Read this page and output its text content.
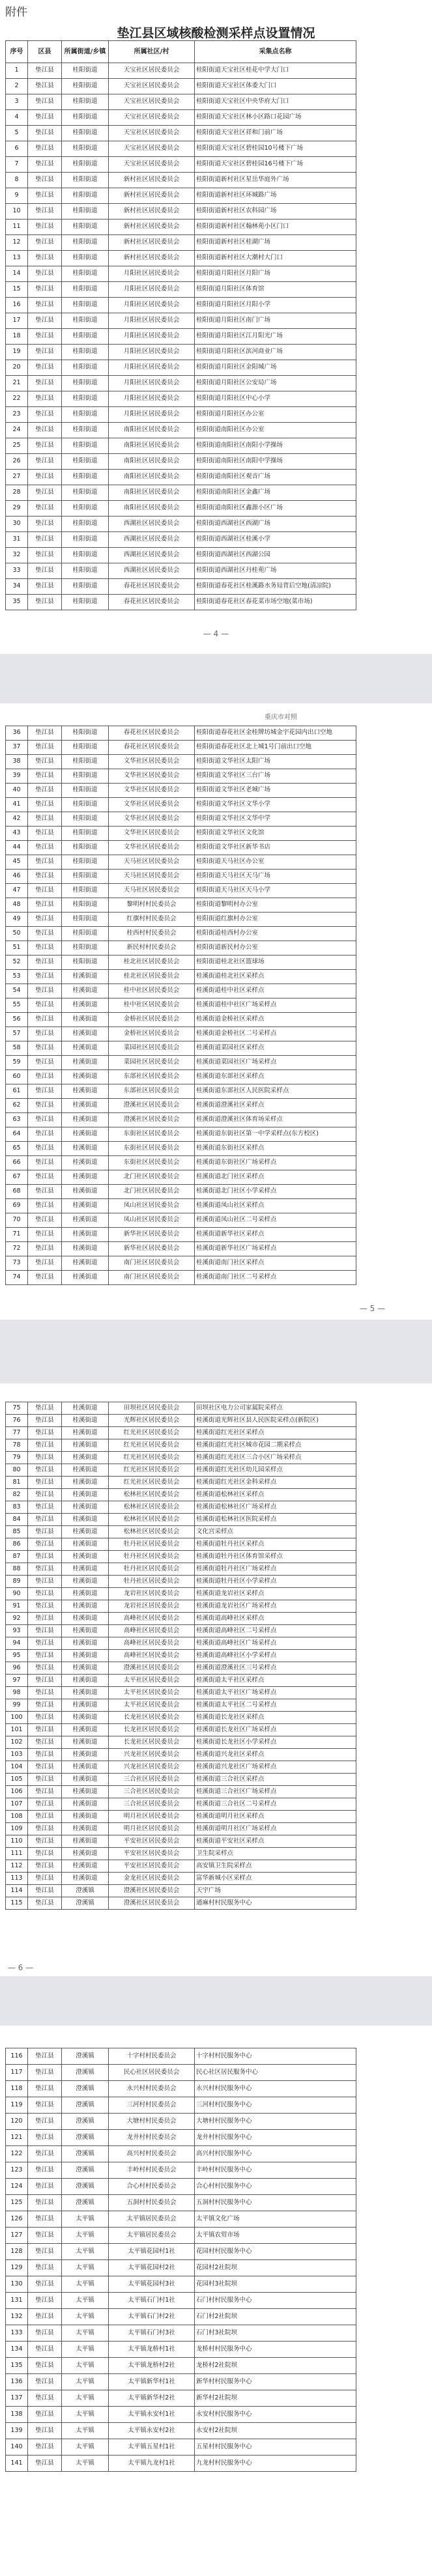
附件
垫江县区域核酸检测采样点设置情况
序号	区县	所属街道/乡镇	所属社区/村	采集点名称
1	垫江县	桂阳街道	天宝社区居民委员会	桂阳街道天宝社区桂花中学大门口
2	垫江县	桂阳街道	天宝社区居民委员会	桂阳街道天宝社区体委大门口
3	垫江县	桂阳街道	天宝社区居民委员会	桂阳街道天宝社区中央华府大门口
4	垫江县	桂阳街道	天宝社区居民委员会	桂阳街道天宝社区林小区路口花园广场
5	垫江县	桂阳街道	天宝社区居民委员会	桂阳街道天宝社区祥和门前广场
6	垫江县	桂阳街道	天宝社区居民委员会	桂阳街道天宝社区碧桂园10号楼下广场
7	垫江县	桂阳街道	天宝社区居民委员会	桂阳街道天宝社区碧桂园16号楼下广场
8	垫江县	桂阳街道	新村社区居民委员会	桂阳街道新村社区星岳华庭外广场
9	垫江县	桂阳街道	新村社区居民委员会	桂阳街道新村社区环城路广场
10	垫江县	桂阳街道	新村社区居民委员会	桂阳街道新村社区农科园广场
11	垫江县	桂阳街道	新村社区居民委员会	桂阳街道新村社区翰林苑小区门口
12	垫江县	桂阳街道	新村社区居民委员会	桂阳街道新村社区桂湖广场
13	垫江县	桂阳街道	新村社区居民委员会	桂阳街道新村社区大潮村大门口
14	垫江县	桂阳街道	月阳社区居民委员会	桂阳街道月阳社区月阳广场
15	垫江县	桂阳街道	月阳社区居民委员会	桂阳街道月阳社区体育馆
16	垫江县	桂阳街道	月阳社区居民委员会	桂阳街道月阳社区月阳小学
17	垫江县	桂阳街道	月阳社区居民委员会	桂阳街道月阳社区南门广场
18	垫江县	桂阳街道	月阳社区居民委员会	桂阳街道月阳社区江月阳光广场
19	垫江县	桂阳街道	月阳社区居民委员会	桂阳街道月阳社区滨河商业广场
20	垫江县	桂阳街道	月阳社区居民委员会	桂阳街道月阳社区金阳城广场
21	垫江县	桂阳街道	月阳社区居民委员会	桂阳街道月阳社区公安局广场
22	垫江县	桂阳街道	月阳社区居民委员会	桂阳街道月阳社区中心小学
23	垫江县	桂阳街道	月阳社区居民委员会	桂阳街道月阳社区办公室
24	垫江县	桂阳街道	南阳社区居民委员会	桂阳街道南阳社区办公室
25	垫江县	桂阳街道	南阳社区居民委员会	桂阳街道南阳社区南阳小学操场
26	垫江县	桂阳街道	南阳社区居民委员会	桂阳街道南阳社区南阳中学操场
27	垫江县	桂阳街道	南阳社区居民委员会	桂阳街道南阳社区观音广场
28	垫江县	桂阳街道	南阳社区居民委员会	桂阳街道南阳社区金鑫广场
29	垫江县	桂阳街道	南阳社区居民委员会	桂阳街道南阳社区鑫源小区广场
30	垫江县	桂阳街道	西湖社区居民委员会	桂阳街道西湖社区西湖广场
31	垫江县	桂阳街道	西湖社区居民委员会	桂阳街道西湖社区桂溪小学
32	垫江县	桂阳街道	西湖社区居民委员会	桂阳街道西湖社区西湖公园
33	垫江县	桂阳街道	西湖社区居民委员会	桂阳街道西湖社区丹桂苑广场
34	垫江县	桂阳街道	春花社区居民委员会	桂阳街道春花社区桂溪路水务局背后空地(清凉院)
35	垫江县	桂阳街道	春花社区居民委员会	桂阳街道春花社区春花菜市场空地(菜市场)
— 4 —
重庆市对照
36	垫江县	桂阳街道	春花社区居民委员会	桂阳街道春花社区金桂牌坊城金宇花园内出口空地
37	垫江县	桂阳街道	春花社区居民委员会	桂阳街道春花社区北上城1号门前出口空地
38	垫江县	桂阳街道	文华社区居民委员会	桂阳街道文华社区太阳广场
39	垫江县	桂阳街道	文华社区居民委员会	桂阳街道文华社区三台广场
40	垫江县	桂阳街道	文华社区居民委员会	桂阳街道文华社区老城广场
41	垫江县	桂阳街道	文华社区居民委员会	桂阳街道文华社区文华小学
42	垫江县	桂阳街道	文华社区居民委员会	桂阳街道文华社区文华中学
43	垫江县	桂阳街道	文华社区居民委员会	桂阳街道文华社区文化馆
44	垫江县	桂阳街道	文华社区居民委员会	桂阳街道文华社区新华书店
45	垫江县	桂阳街道	天马社区居民委员会	桂阳街道天马社区办公室
46	垫江县	桂阳街道	天马社区居民委员会	桂阳街道天马社区天马广场
47	垫江县	桂阳街道	天马社区居民委员会	桂阳街道天马社区天马小学
48	垫江县	桂阳街道	黎明村村民委员会	桂阳街道黎明村办公室
49	垫江县	桂阳街道	红旗村村民委员会	桂阳街道红旗村办公室
50	垫江县	桂阳街道	桂西村村民委员会	桂阳街道桂西村办公室
51	垫江县	桂阳街道	新民村村民委员会	桂阳街道新民村办公室
52	垫江县	桂阳街道	桂北社区居民委员会	桂阳街道桂北社区篮球场
53	垫江县	桂溪街道	桂北社区居民委员会	桂溪街道桂北社区采样点
54	垫江县	桂溪街道	桂中社区居民委员会	桂溪街道桂中社区采样点
55	垫江县	桂溪街道	桂中社区居民委员会	桂溪街道桂中社区广场采样点
56	垫江县	桂溪街道	金桥社区居民委员会	桂溪街道金桥社区采样点
57	垫江县	桂溪街道	金桥社区居民委员会	桂溪街道金桥社区二号采样点
58	垫江县	桂溪街道	菜园社区居民委员会	桂溪街道菜园社区采样点
59	垫江县	桂溪街道	菜园社区居民委员会	桂溪街道菜园社区广场采样点
60	垫江县	桂溪街道	东部社区居民委员会	桂溪街道东部社区采样点
61	垫江县	桂溪街道	东部社区居民委员会	桂溪街道东部社区人民医院采样点
62	垫江县	桂溪街道	澄溪社区居民委员会	桂溪街道澄溪社区采样点
63	垫江县	桂溪街道	澄溪社区居民委员会	桂溪街道澄溪社区体育场采样点
64	垫江县	桂溪街道	东街社区居民委员会	桂溪街道东街社区第一中学采样点(东方校区)
65	垫江县	桂溪街道	东街社区居民委员会	桂溪街道东街社区采样点
66	垫江县	桂溪街道	东街社区居民委员会	桂溪街道东街社区广场采样点
67	垫江县	桂溪街道	北门社区居民委员会	桂溪街道北门社区采样点
68	垫江县	桂溪街道	北门社区居民委员会	桂溪街道北门社区小学采样点
69	垫江县	桂溪街道	凤山社区居民委员会	桂溪街道凤山社区采样点
70	垫江县	桂溪街道	凤山社区居民委员会	桂溪街道凤山社区二号采样点
71	垫江县	桂溪街道	新华社区居民委员会	桂溪街道新华社区采样点
72	垫江县	桂溪街道	新华社区居民委员会	桂溪街道新华社区广场采样点
73	垫江县	桂溪街道	南门社区居民委员会	桂溪街道南门社区采样点
74	垫江县	桂溪街道	南门社区居民委员会	桂溪街道南门社区二号采样点
— 5 —
75	垫江县	桂溪街道	田坝社区居民委员会	田坝社区电力公司家属院采样点
76	垫江县	桂溪街道	光辉社区居民委员会	桂溪街道光辉社区县人民医院采样点(新院区)
77	垫江县	桂溪街道	红光社区居民委员会	桂溪街道红光社区采样点
78	垫江县	桂溪街道	红光社区居民委员会	桂溪街道红光社区城市花园二期采样点
79	垫江县	桂溪街道	红光社区居民委员会	桂溪街道红光社区三合小区广场采样点
80	垫江县	桂溪街道	红光社区居民委员会	桂溪街道红光社区幼儿园采样点
81	垫江县	桂溪街道	红光社区居民委员会	桂溪街道红光社区金科采样点
82	垫江县	桂溪街道	松林社区居民委员会	桂溪街道松林社区采样点
83	垫江县	桂溪街道	松林社区居民委员会	桂溪街道松林社区广场采样点
84	垫江县	桂溪街道	松林社区居民委员会	桂溪街道松林社区医院采样点
85	垫江县	桂溪街道	松林社区居民委员会	文化宫采样点
86	垫江县	桂溪街道	牡丹社区居民委员会	桂溪街道牡丹社区采样点
87	垫江县	桂溪街道	牡丹社区居民委员会	桂溪街道牡丹社区体育馆采样点
88	垫江县	桂溪街道	牡丹社区居民委员会	桂溪街道牡丹社区广场采样点
89	垫江县	桂溪街道	牡丹社区居民委员会	桂溪街道牡丹社区小学采样点
90	垫江县	桂溪街道	龙岩社区居民委员会	桂溪街道龙岩社区采样点
91	垫江县	桂溪街道	龙岩社区居民委员会	桂溪街道龙岩社区广场采样点
92	垫江县	桂溪街道	高峰社区居民委员会	桂溪街道高峰社区采样点
93	垫江县	桂溪街道	高峰社区居民委员会	桂溪街道高峰社区二号采样点
94	垫江县	桂溪街道	高峰社区居民委员会	桂溪街道高峰社区广场采样点
95	垫江县	桂溪街道	高峰社区居民委员会	桂溪街道高峰社区小学采样点
96	垫江县	桂溪街道	澄溪社区居民委员会	桂溪街道澄溪社区三号采样点
97	垫江县	桂溪街道	太平社区居民委员会	桂溪街道太平社区采样点
98	垫江县	桂溪街道	太平社区居民委员会	桂溪街道太平社区广场采样点
99	垫江县	桂溪街道	太平社区居民委员会	桂溪街道太平社区二号采样点
100	垫江县	桂溪街道	长龙社区居民委员会	桂溪街道长龙社区采样点
101	垫江县	桂溪街道	长龙社区居民委员会	桂溪街道长龙社区广场采样点
102	垫江县	桂溪街道	长龙社区居民委员会	桂溪街道长龙社区小学采样点
103	垫江县	桂溪街道	兴龙社区居民委员会	桂溪街道兴龙社区采样点
104	垫江县	桂溪街道	兴龙社区居民委员会	桂溪街道兴龙社区广场采样点
105	垫江县	桂溪街道	三合社区居民委员会	桂溪街道三合社区采样点
106	垫江县	桂溪街道	三合社区居民委员会	桂溪街道三合社区广场采样点
107	垫江县	桂溪街道	三合社区居民委员会	桂溪街道三合社区二号采样点
108	垫江县	桂溪街道	明月社区居民委员会	桂溪街道明月社区采样点
109	垫江县	桂溪街道	明月社区居民委员会	桂溪街道明月社区广场采样点
110	垫江县	桂溪街道	平安社区居民委员会	桂溪街道平安社区采样点
111	垫江县	桂溪街道	平安社区居民委员会	卫生院采样点
112	垫江县	桂溪街道	平安社区居民委员会	高安镇卫生院采样点
113	垫江县	桂溪街道	金龙社区居民委员会	富华新城小区采样点
114	垫江县	澄溪镇	澄溪社区居民委员会	天宇广场
115	垫江县	澄溪镇	澄溪社区居民委员会	通麻村村民服务中心
— 6 —
116	垫江县	澄溪镇	十字村村民委员会	十字村村民服务中心
117	垫江县	澄溪镇	民心社区居民委员会	民心社区居民服务中心
118	垫江县	澄溪镇	永兴村村民委员会	永兴村村民服务中心
119	垫江县	澄溪镇	三河村村民委员会	三河村村民服务中心
120	垫江县	澄溪镇	大塘村村民委员会	大塘村村民服务中心
121	垫江县	澄溪镇	龙井村村民委员会	龙井村村民服务中心
122	垫江县	澄溪镇	高兴村村民委员会	高兴村村民服务中心
123	垫江县	澄溪镇	丰岭村村民委员会	丰岭村村民服务中心
124	垫江县	澄溪镇	合心村村民委员会	合心村村民服务中心
125	垫江县	澄溪镇	五洞村村民委员会	五洞村村民服务中心
126	垫江县	太平镇	太平镇居民委员会	太平镇文化广场
127	垫江县	太平镇	太平镇居民委员会	太平镇农贸市场
128	垫江县	太平镇	太平镇花园村1社	花园村村民服务中心
129	垫江县	太平镇	太平镇花园村2社	花园村2社院坝
130	垫江县	太平镇	太平镇花园村3社	花园村3社院坝
131	垫江县	太平镇	太平镇石门村1社	石门村村民服务中心
132	垫江县	太平镇	太平镇石门村2社	石门村2社院坝
133	垫江县	太平镇	太平镇石门村3社	石门村3社院坝
134	垫江县	太平镇	太平镇龙桥村1社	龙桥村村民服务中心
135	垫江县	太平镇	太平镇龙桥村2社	龙桥村2社院坝
136	垫江县	太平镇	太平镇新华村1社	新华村村民服务中心
137	垫江县	太平镇	太平镇新华村2社	新华村2社院坝
138	垫江县	太平镇	太平镇永安村1社	永安村村民服务中心
139	垫江县	太平镇	太平镇永安村2社	永安村2社院坝
140	垫江县	太平镇	太平镇五星村1社	五星村村民服务中心
141	垫江县	太平镇	太平镇九龙村1社	九龙村村民服务中心
